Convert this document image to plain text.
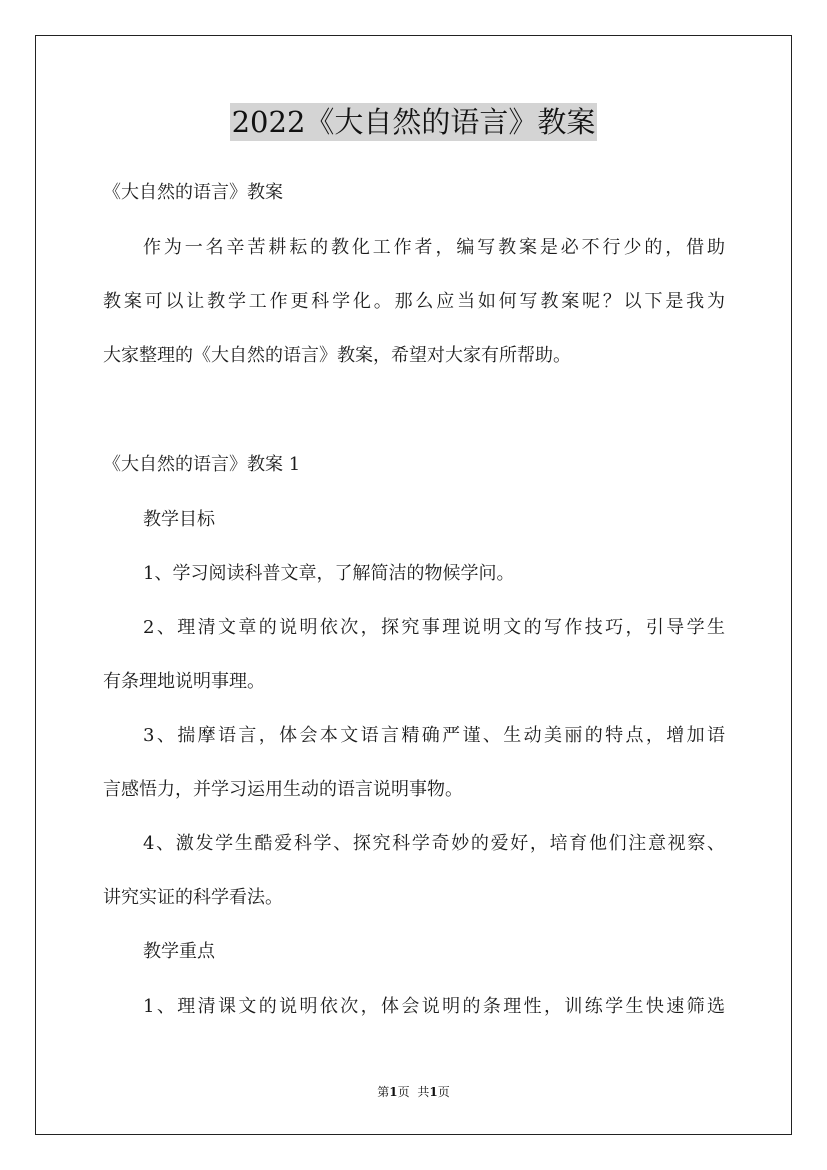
2022《大自然的语言》教案
《大自然的语言》教案
作为一名辛苦耕耘的教化工作者，编写教案是必不行少的，借助
教案可以让教学工作更科学化。那么应当如何写教案呢？以下是我为
大家整理的《大自然的语言》教案，希望对大家有所帮助。
《大自然的语言》教案 1
教学目标
1、学习阅读科普文章，了解简洁的物候学问。
2、理清文章的说明依次，探究事理说明文的写作技巧，引导学生
有条理地说明事理。
3、揣摩语言，体会本文语言精确严谨、生动美丽的特点，增加语
言感悟力，并学习运用生动的语言说明事物。
4、激发学生酷爱科学、探究科学奇妙的爱好，培育他们注意视察、
讲究实证的科学看法。
教学重点
1、理清课文的说明依次，体会说明的条理性，训练学生快速筛选
第1页 共1页
